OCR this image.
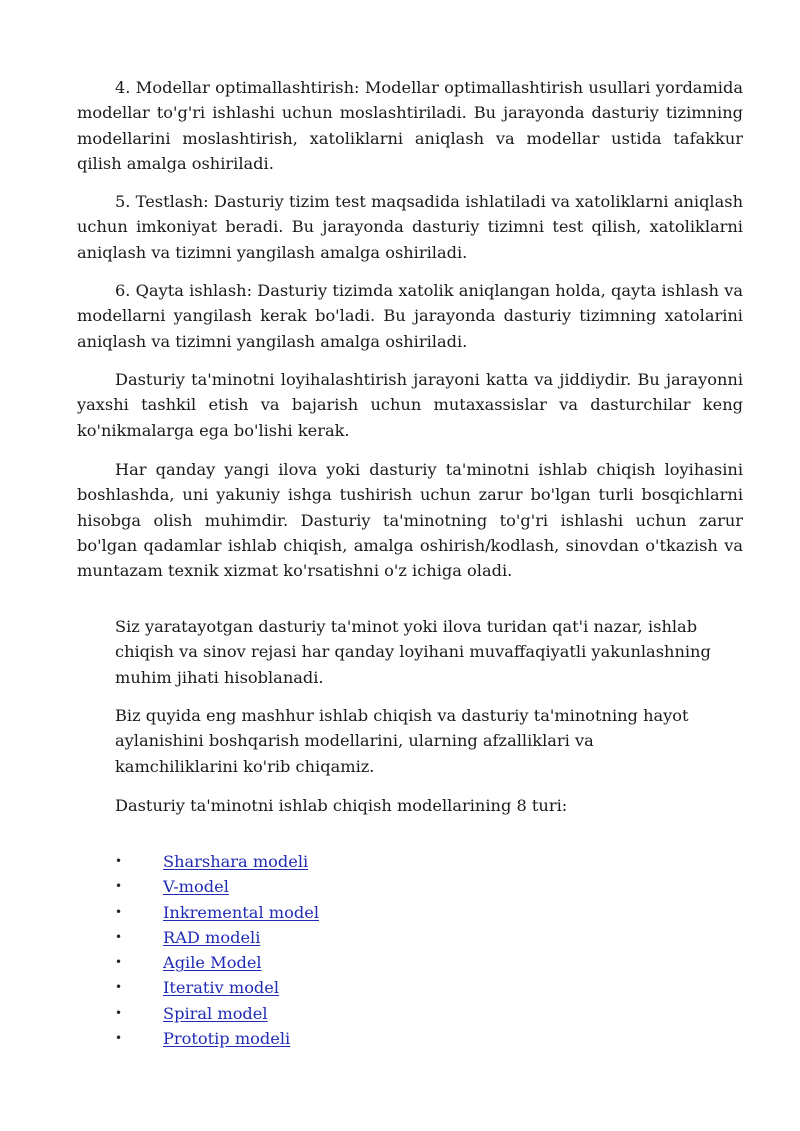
4. Modellar optimallashtirish: Modellar optimallashtirish usullari yordamida modellar to'g'ri ishlashi uchun moslashtiriladi. Bu jarayonda dasturiy tizimning modellarini moslashtirish, xatoliklarni aniqlash va modellar ustida tafakkur qilish amalga oshiriladi.

5. Testlash: Dasturiy tizim test maqsadida ishlatiladi va xatoliklarni aniqlash uchun imkoniyat beradi. Bu jarayonda dasturiy tizimni test qilish, xatoliklarni aniqlash va tizimni yangilash amalga oshiriladi.

6. Qayta ishlash: Dasturiy tizimda xatolik aniqlangan holda, qayta ishlash va modellarni yangilash kerak bo'ladi. Bu jarayonda dasturiy tizimning xatolarini aniqlash va tizimni yangilash amalga oshiriladi.

Dasturiy ta'minotni loyihalashtirish jarayoni katta va jiddiydir. Bu jarayonni yaxshi tashkil etish va bajarish uchun mutaxassislar va dasturchilar keng ko'nikmalarga ega bo'lishi kerak.

Har qanday yangi ilova yoki dasturiy ta'minotni ishlab chiqish loyihasini boshlashda, uni yakuniy ishga tushirish uchun zarur bo'lgan turli bosqichlarni hisobga olish muhimdir. Dasturiy ta'minotning to'g'ri ishlashi uchun zarur bo'lgan qadamlar ishlab chiqish, amalga oshirish/kodlash, sinovdan o'tkazish va muntazam texnik xizmat ko'rsatishni o'z ichiga oladi.

Siz yaratayotgan dasturiy ta'minot yoki ilova turidan qat'i nazar, ishlab chiqish va sinov rejasi har qanday loyihani muvaffaqiyatli yakunlashning muhim jihati hisoblanadi.

Biz quyida eng mashhur ishlab chiqish va dasturiy ta'minotning hayot aylanishini boshqarish modellarini, ularning afzalliklari va kamchiliklarini ko'rib chiqamiz.

Dasturiy ta'minotni ishlab chiqish modellarining 8 turi:

•	Sharshara modeli
•	V-model
•	Inkremental model
•	RAD modeli
•	Agile Model
•	Iterativ model
•	Spiral model
•	Prototip modeli
